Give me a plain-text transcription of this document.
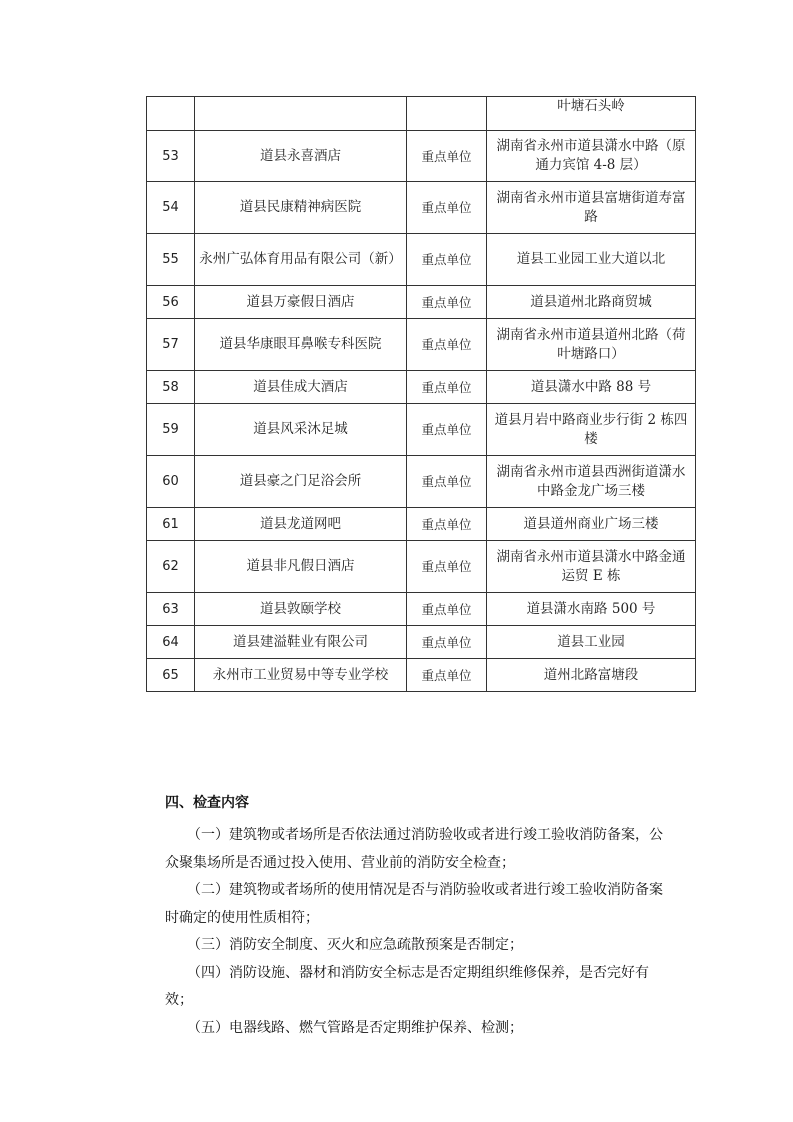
			叶塘石头岭
53	道县永喜酒店	重点单位	湖南省永州市道县潇水中路（原通力宾馆 4-8 层）
54	道县民康精神病医院	重点单位	湖南省永州市道县富塘街道寿富路
55	永州广弘体育用品有限公司（新）	重点单位	道县工业园工业大道以北
56	道县万豪假日酒店	重点单位	道县道州北路商贸城
57	道县华康眼耳鼻喉专科医院	重点单位	湖南省永州市道县道州北路（荷叶塘路口）
58	道县佳成大酒店	重点单位	道县潇水中路 88 号
59	道县风采沐足城	重点单位	道县月岩中路商业步行街 2 栋四楼
60	道县豪之门足浴会所	重点单位	湖南省永州市道县西洲街道潇水中路金龙广场三楼
61	道县龙道网吧	重点单位	道县道州商业广场三楼
62	道县非凡假日酒店	重点单位	湖南省永州市道县潇水中路金通运贸 E 栋
63	道县敦颐学校	重点单位	道县潇水南路 500 号
64	道县建溢鞋业有限公司	重点单位	道县工业园
65	永州市工业贸易中等专业学校	重点单位	道州北路富塘段
四、检查内容

（一）建筑物或者场所是否依法通过消防验收或者进行竣工验收消防备案，公众聚集场所是否通过投入使用、营业前的消防安全检查；

（二）建筑物或者场所的使用情况是否与消防验收或者进行竣工验收消防备案时确定的使用性质相符；

（三）消防安全制度、灭火和应急疏散预案是否制定；

（四）消防设施、器材和消防安全标志是否定期组织维修保养，是否完好有效；

（五）电器线路、燃气管路是否定期维护保养、检测；
